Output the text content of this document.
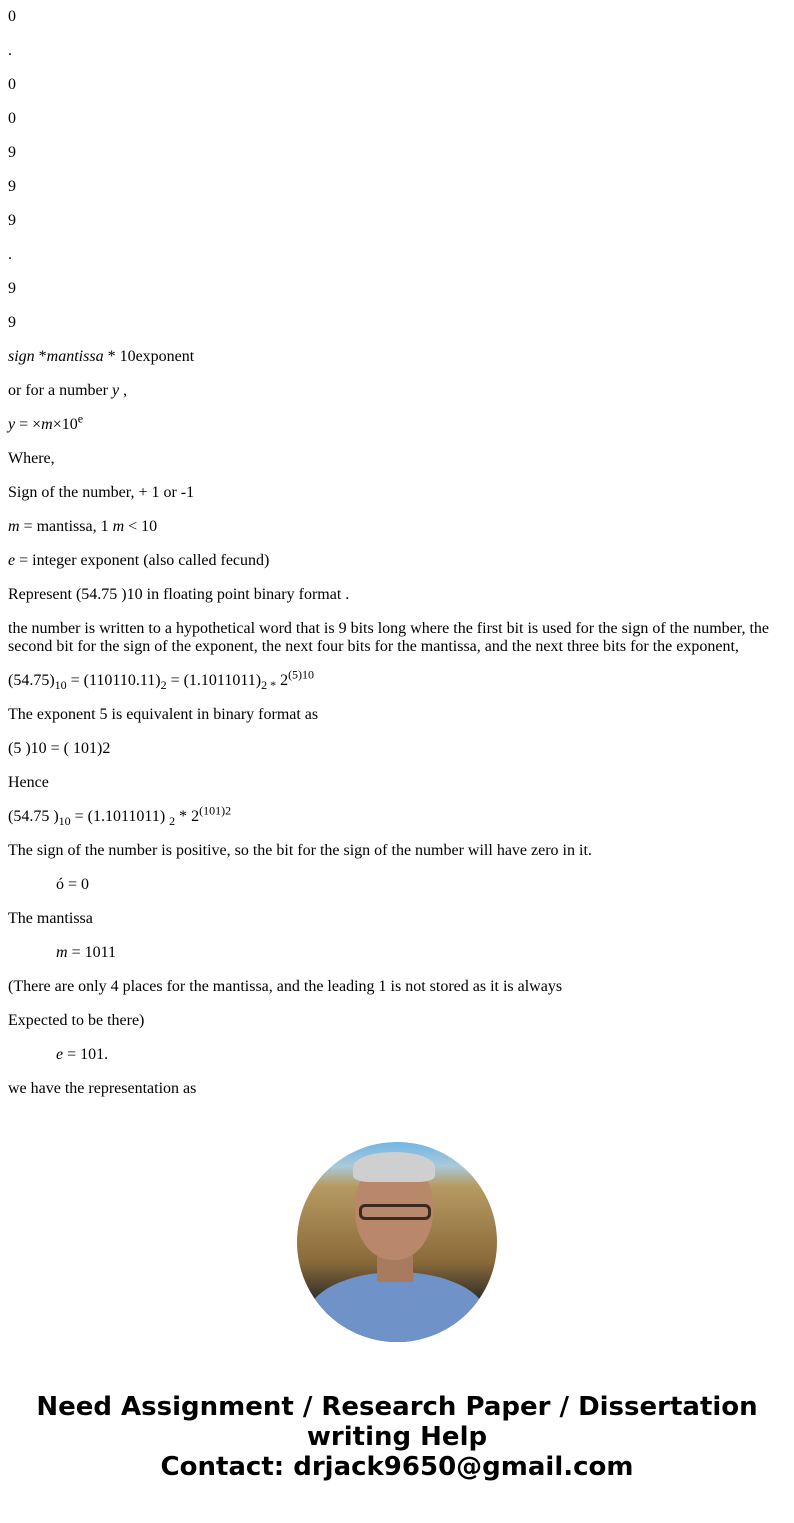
0

.

0

0

9

9

9

.

9

9

sign *mantissa * 10exponent

or for a number y ,

$y = \times m\times 10^e$

Where,

Sign of the number, + 1 or -1

m = mantissa, 1 m < 10

e = integer exponent (also called fecund)

Represent (54.75 )10 in floating point binary format .

the number is written to a hypothetical word that is 9 bits long where the first bit is used for the sign of the number, the second bit for the sign of the exponent, the next four bits for the mantissa, and the next three bits for the exponent,

$(54.75)_{10} = (110110.11)_2 = (1.1011011)_{2 *}$ $2^{(5)10}$

The exponent 5 is equivalent in binary format as

(5 )10 = ( 101)2

Hence

(54.75 )$_{10} = (1.1011011)$ $_2 * 2^{(101)2}$

The sign of the number is positive, so the bit for the sign of the number will have zero in it.

ó = 0

The mantissa

m = 1011

(There are only 4 places for the mantissa, and the leading 1 is not stored as it is always

Expected to be there)

e = 101.

we have the representation as

Need Assignment / Research Paper / Dissertation writing Help
Contact: drjack9650@gmail.com
